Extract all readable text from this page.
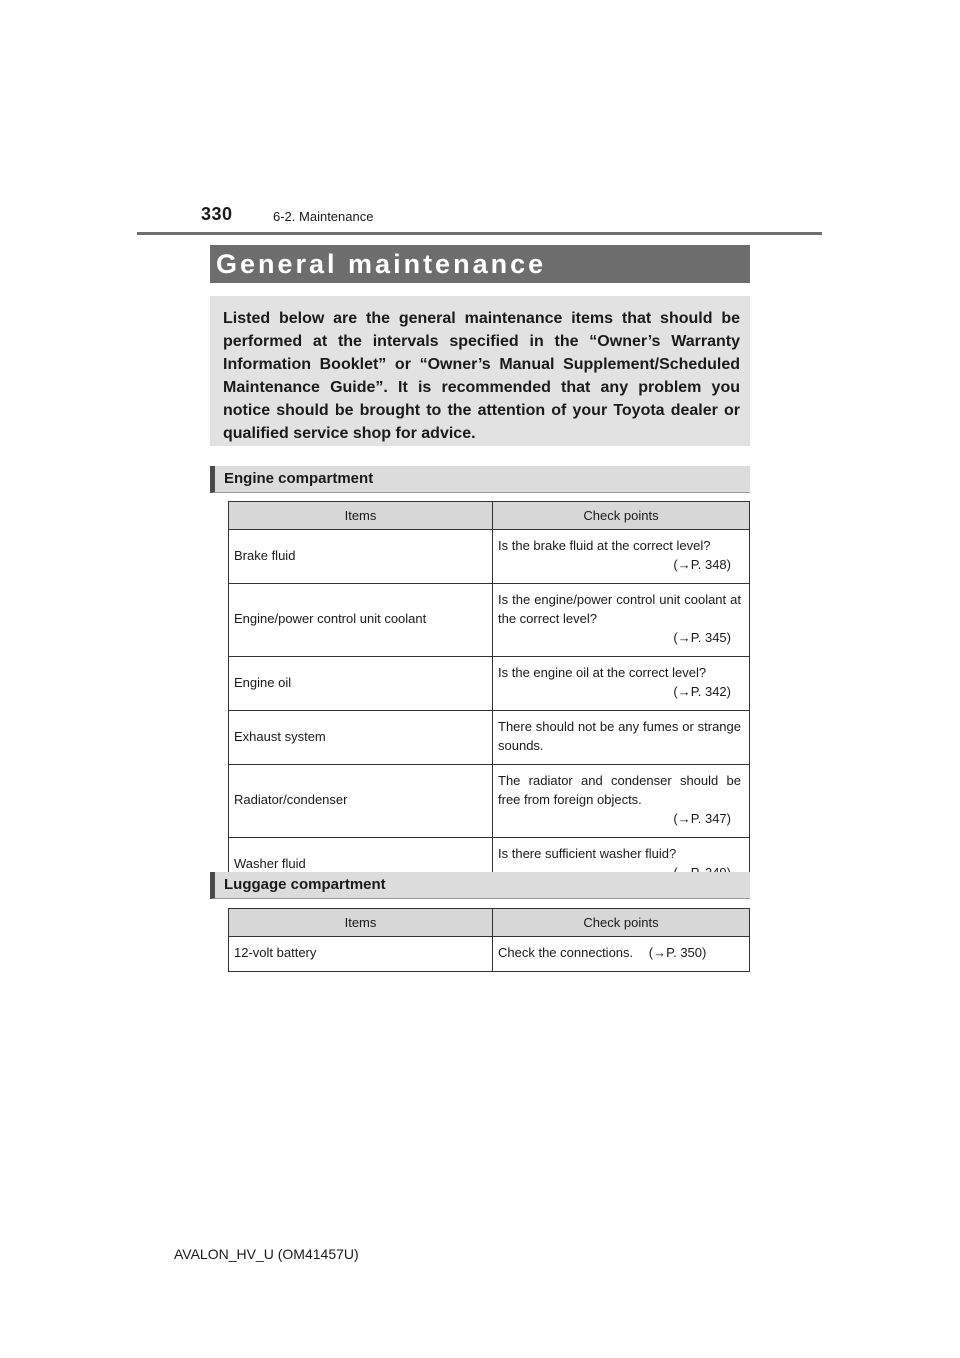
330	6-2. Maintenance
General maintenance
Listed below are the general maintenance items that should be performed at the intervals specified in the “Owner’s Warranty Information Booklet” or “Owner’s Manual Supplement/Scheduled Maintenance Guide”. It is recommended that any problem you notice should be brought to the attention of your Toyota dealer or qualified service shop for advice.
Engine compartment
Items	Check points
Brake fluid	Is the brake fluid at the correct level?
(→P. 348)

Engine/power control unit coolant	Is the engine/power control unit coolant at the correct level?
(→P. 345)

Engine oil	Is the engine oil at the correct level?
(→P. 342)

Exhaust system	There should not be any fumes or strange sounds.

Radiator/condenser	The radiator and condenser should be free from foreign objects.
(→P. 347)

Washer fluid	Is there sufficient washer fluid?
Luggage compartment
Items	Check points
12-volt battery	Check the connections. (→P. 350)
AVALON_HV_U (OM41457U)
